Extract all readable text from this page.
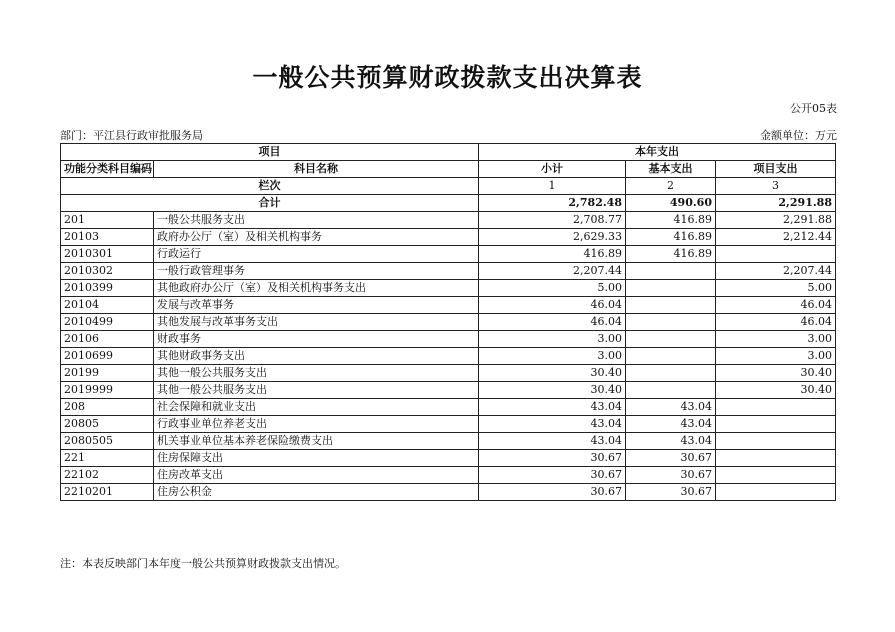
一般公共预算财政拨款支出决算表
公开05表
部门：平江县行政审批服务局	金额单位：万元
项目		本年支出		
功能分类科目编码	科目名称	小计	基本支出	项目支出
栏次		1	2	3
合计		2,782.48	490.60	2,291.88
201	一般公共服务支出	2,708.77	416.89	2,291.88
20103	政府办公厅（室）及相关机构事务	2,629.33	416.89	2,212.44
2010301	行政运行	416.89	416.89	
2010302	一般行政管理事务	2,207.44		2,207.44
2010399	其他政府办公厅（室）及相关机构事务支出	5.00		5.00
20104	发展与改革事务	46.04		46.04
2010499	其他发展与改革事务支出	46.04		46.04
20106	财政事务	3.00		3.00
2010699	其他财政事务支出	3.00		3.00
20199	其他一般公共服务支出	30.40		30.40
2019999	其他一般公共服务支出	30.40		30.40
208	社会保障和就业支出	43.04	43.04	
20805	行政事业单位养老支出	43.04	43.04	
2080505	机关事业单位基本养老保险缴费支出	43.04	43.04	
221	住房保障支出	30.67	30.67	
22102	住房改革支出	30.67	30.67	
2210201	住房公积金	30.67	30.67	
注：本表反映部门本年度一般公共预算财政拨款支出情况。
